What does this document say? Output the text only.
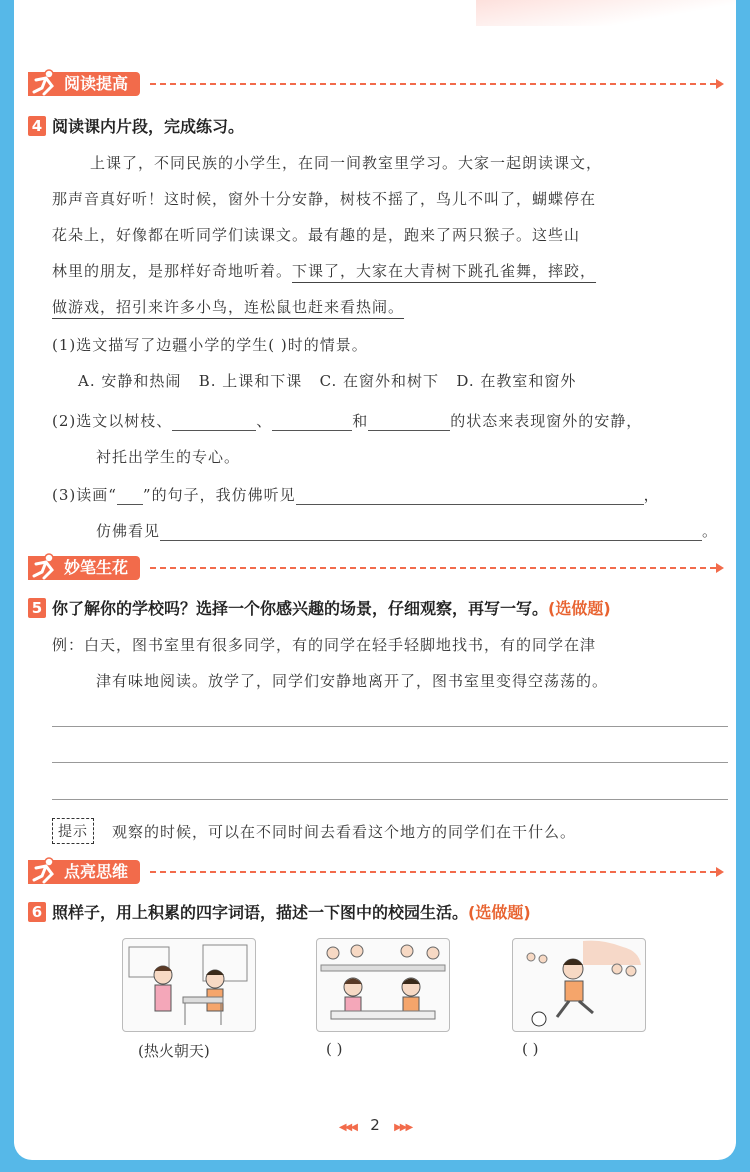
阅读提高
4 阅读课内片段，完成练习。
上课了，不同民族的小学生，在同一间教室里学习。大家一起朗读课文，
那声音真好听！这时候，窗外十分安静，树枝不摇了，鸟儿不叫了，蝴蝶停在
花朵上，好像都在听同学们读课文。最有趣的是，跑来了两只猴子。这些山
林里的朋友，是那样好奇地听着。下课了，大家在大青树下跳孔雀舞，摔跤，
做游戏，招引来许多小鸟，连松鼠也赶来看热闹。
(1)选文描写了边疆小学的学生( )时的情景。
A. 安静和热闹 B. 上课和下课 C. 在窗外和树下 D. 在教室和窗外
(2)选文以树枝、	、	和	的状态来表现窗外的安静，
衬托出学生的专心。
(3)读画“ ”的句子，我仿佛听见	，
仿佛看见	。
妙笔生花
5 你了解你的学校吗？选择一个你感兴趣的场景，仔细观察，再写一写。 (选做题)
例：白天，图书室里有很多同学，有的同学在轻手轻脚地找书，有的同学在津
津有味地阅读。放学了，同学们安静地离开了，图书室里变得空荡荡的。
提示	观察的时候，可以在不同时间去看看这个地方的同学们在干什么。
点亮思维
6 照样子，用上积累的四字词语，描述一下图中的校园生活。 (选做题)
(热火朝天)	( )	( )
◀◀◀ 2 ▶▶▶
